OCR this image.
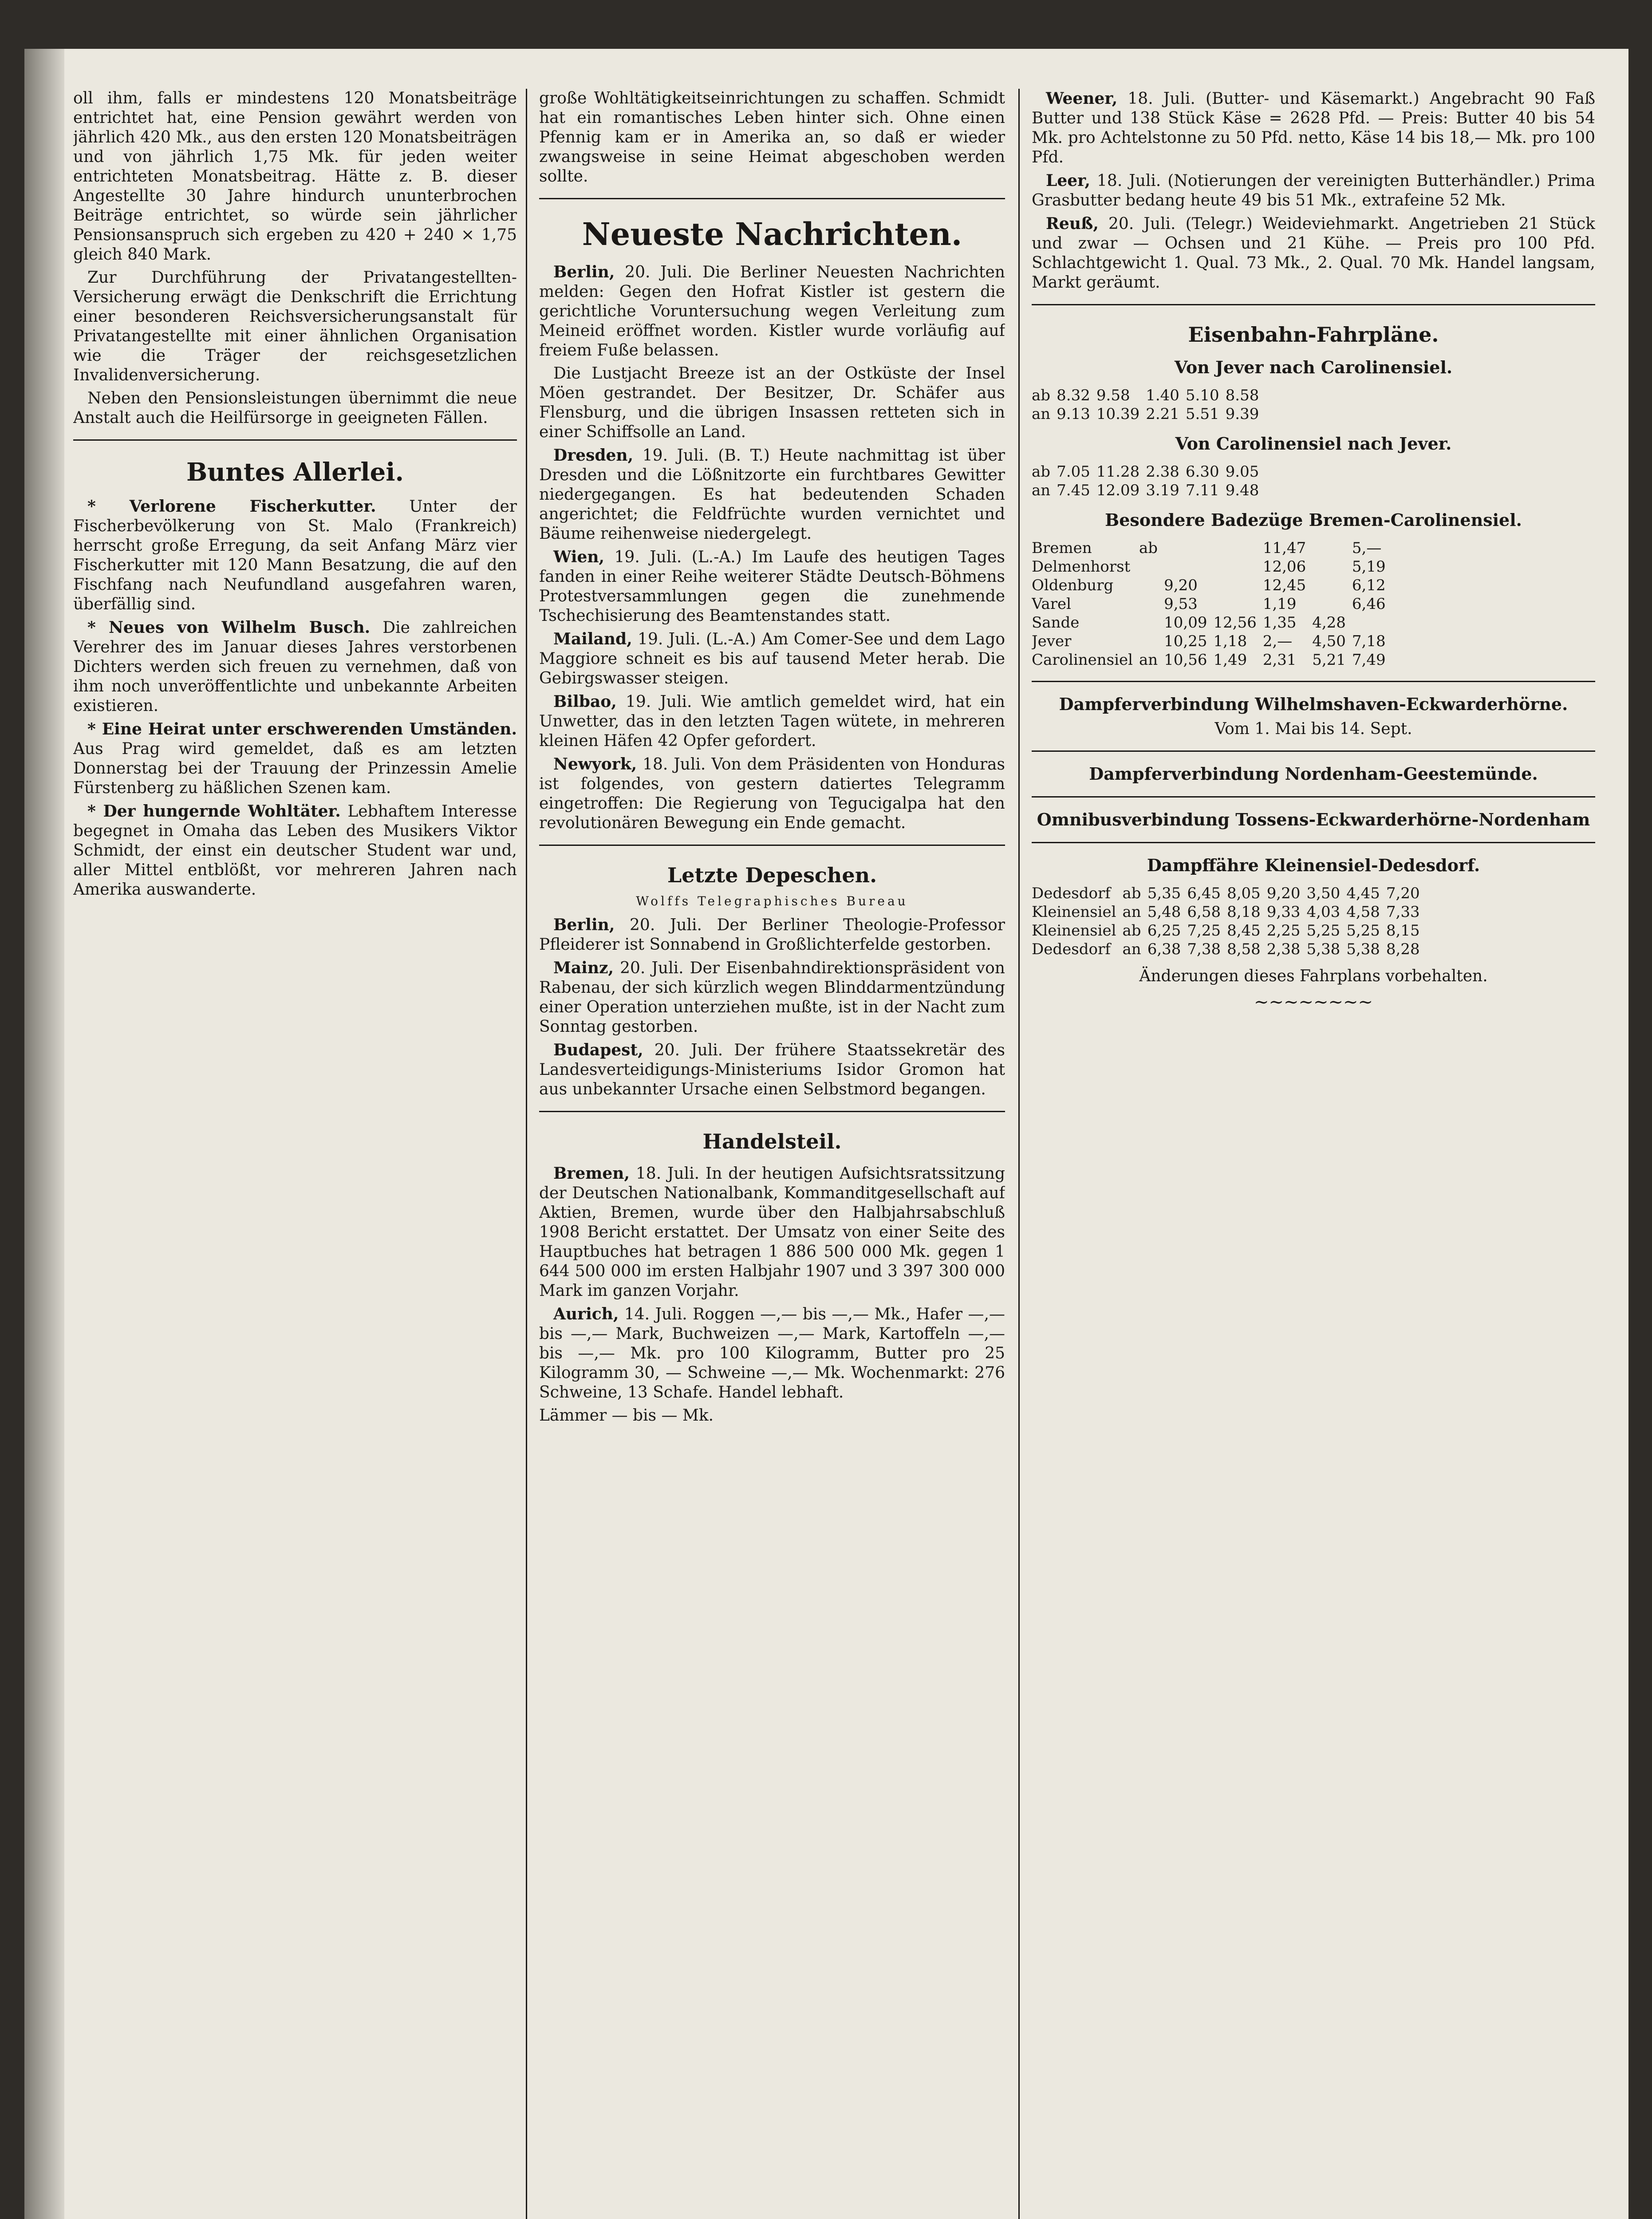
oll ihm, falls er mindestens 120 Monatsbeiträge entrichtet hat, eine Pension gewährt werden von jährlich 420 Mk., aus den ersten 120 Monatsbeiträgen und von jährlich 1,75 Mk. für jeden weiter entrichteten Monatsbeitrag. Hätte z. B. dieser Angestellte 30 Jahre hindurch ununterbrochen Beiträge entrichtet, so würde sein jährlicher Pensionsanspruch sich ergeben zu 420 + 240 × 1,75 gleich 840 Mark.

Zur Durchführung der Privatangestellten-Versicherung erwägt die Denkschrift die Errichtung einer besonderen Reichsversicherungsanstalt für Privatangestellte mit einer ähnlichen Organisation wie die Träger der reichsgesetzlichen Invalidenversicherung.

Neben den Pensionsleistungen übernimmt die neue Anstalt auch die Heilfürsorge in geeigneten Fällen.

Buntes Allerlei.

* Verlorene Fischerkutter. Unter der Fischerbevölkerung von St. Malo (Frankreich) herrscht große Erregung, da seit Anfang März vier Fischerkutter mit 120 Mann Besatzung, die auf den Fischfang nach Neufundland ausgefahren waren, überfällig sind.

* Neues von Wilhelm Busch. Die zahlreichen Verehrer des im Januar dieses Jahres verstorbenen Dichters werden sich freuen zu vernehmen, daß von ihm noch unveröffentlichte und unbekannte Arbeiten existieren.

* Eine Heirat unter erschwerenden Umständen. Aus Prag wird gemeldet, daß es am letzten Donnerstag bei der Trauung der Prinzessin Amelie Fürstenberg zu häßlichen Szenen kam.

* Der hungernde Wohltäter. Lebhaftem Interesse begegnet in Omaha das Leben des Musikers Viktor Schmidt, der einst ein deutscher Student war und, aller Mittel entblößt, vor mehreren Jahren nach Amerika auswanderte.

große Wohltätigkeitseinrichtungen zu schaffen. Schmidt hat ein romantisches Leben hinter sich. Ohne einen Pfennig kam er in Amerika an, so daß er wieder zwangsweise in seine Heimat abgeschoben werden sollte.

Neueste Nachrichten.

Berlin, 20. Juli. Die Berliner Neuesten Nachrichten melden: Gegen den Hofrat Kistler ist gestern die gerichtliche Voruntersuchung wegen Verleitung zum Meineid eröffnet worden. Kistler wurde vorläufig auf freiem Fuße belassen.

Die Lustjacht Breeze ist an der Ostküste der Insel Möen gestrandet. Der Besitzer, Dr. Schäfer aus Flensburg, und die übrigen Insassen retteten sich in einer Schiffsolle an Land.

Dresden, 19. Juli. (B. T.) Heute nachmittag ist über Dresden und die Lößnitzorte ein furchtbares Gewitter niedergegangen. Es hat bedeutenden Schaden angerichtet; die Feldfrüchte wurden vernichtet und Bäume reihenweise niedergelegt.

Wien, 19. Juli. (L.-A.) Im Laufe des heutigen Tages fanden in einer Reihe weiterer Städte Deutsch-Böhmens Protestversammlungen gegen die zunehmende Tschechisierung des Beamtenstandes statt.

Mailand, 19. Juli. (L.-A.) Am Comer-See und dem Lago Maggiore schneit es bis auf tausend Meter herab. Die Gebirgswasser steigen.

Bilbao, 19. Juli. Wie amtlich gemeldet wird, hat ein Unwetter, das in den letzten Tagen wütete, in mehreren kleinen Häfen 42 Opfer gefordert.

Newyork, 18. Juli. Von dem Präsidenten von Honduras ist folgendes, von gestern datiertes Telegramm eingetroffen: Die Regierung von Tegucigalpa hat den revolutionären Bewegung ein Ende gemacht.

Letzte Depeschen.
Wolffs Telegraphisches Bureau

Berlin, 20. Juli. Der Berliner Theologie-Professor Pfleiderer ist Sonnabend in Großlichterfelde gestorben.

Mainz, 20. Juli. Der Eisenbahndirektionspräsident von Rabenau, der sich kürzlich wegen Blinddarmentzündung einer Operation unterziehen mußte, ist in der Nacht zum Sonntag gestorben.

Budapest, 20. Juli. Der frühere Staatssekretär des Landesverteidigungs-Ministeriums Isidor Gromon hat aus unbekannter Ursache einen Selbstmord begangen.

Handelsteil.

Bremen, 18. Juli. In der heutigen Aufsichtsratssitzung der Deutschen Nationalbank, Kommanditgesellschaft auf Aktien, Bremen, wurde über den Halbjahrsabschluß 1908 Bericht erstattet. Der Umsatz von einer Seite des Hauptbuches hat betragen 1 886 500 000 Mk. gegen 1 644 500 000 im ersten Halbjahr 1907 und 3 397 300 000 Mark im ganzen Vorjahr.

Aurich, 14. Juli. Roggen —,— bis —,— Mk., Hafer —,— bis —,— Mark, Buchweizen —,— Mark, Kartoffeln —,— bis —,— Mk. pro 100 Kilogramm, Butter pro 25 Kilogramm 30, — Schweine —,— Mk. Wochenmarkt: 276 Schweine, 13 Schafe. Handel lebhaft.

Lämmer — bis — Mk.

Weener, 18. Juli. (Butter- und Käsemarkt.) Angebracht 90 Faß Butter und 138 Stück Käse = 2628 Pfd. — Preis: Butter 40 bis 54 Mk. pro Achtelstonne zu 50 Pfd. netto, Käse 14 bis 18,— Mk. pro 100 Pfd.

Leer, 18. Juli. (Notierungen der vereinigten Butterhändler.) Prima Grasbutter bedang heute 49 bis 51 Mk., extrafeine 52 Mk.

Reuß, 20. Juli. (Telegr.) Weideviehmarkt. Angetrieben 21 Stück und zwar — Ochsen und 21 Kühe. — Preis pro 100 Pfd. Schlachtgewicht 1. Qual. 73 Mk., 2. Qual. 70 Mk. Handel langsam, Markt geräumt.

Eisenbahn-Fahrpläne.
Von Jever nach Carolinensiel.
ab	8.32	9.58	1.40	5.10	8.58
an	9.13	10.39	2.21	5.51	9.39
Von Carolinensiel nach Jever.
ab	7.05	11.28	2.38	6.30	9.05
an	7.45	12.09	3.19	7.11	9.48
Besondere Badezüge Bremen-Carolinensiel.
Bremen	ab			11,47		5,—
Delmenhorst				12,06		5,19
Oldenburg		9,20		12,45		6,12
Varel		9,53		1,19		6,46
Sande		10,09	12,56	1,35	4,28	
Jever		10,25	1,18	2,—	4,50	7,18
Carolinensiel	an	10,56	1,49	2,31	5,21	7,49
Dampferverbindung Wilhelmshaven-Eckwarderhörne.

Vom 1. Mai bis 14. Sept.

Dampferverbindung Nordenham-Geestemünde.
Omnibusverbindung Tossens-Eckwarderhörne-Nordenham
Dampffähre Kleinensiel-Dedesdorf.
Dedesdorf	ab	5,35	6,45	8,05	9,20	3,50	4,45	7,20
Kleinensiel	an	5,48	6,58	8,18	9,33	4,03	4,58	7,33
Kleinensiel	ab	6,25	7,25	8,45	2,25	5,25	5,25	8,15
Dedesdorf	an	6,38	7,38	8,58	2,38	5,38	5,38	8,28

Änderungen dieses Fahrplans vorbehalten.

~~~~~~~~
